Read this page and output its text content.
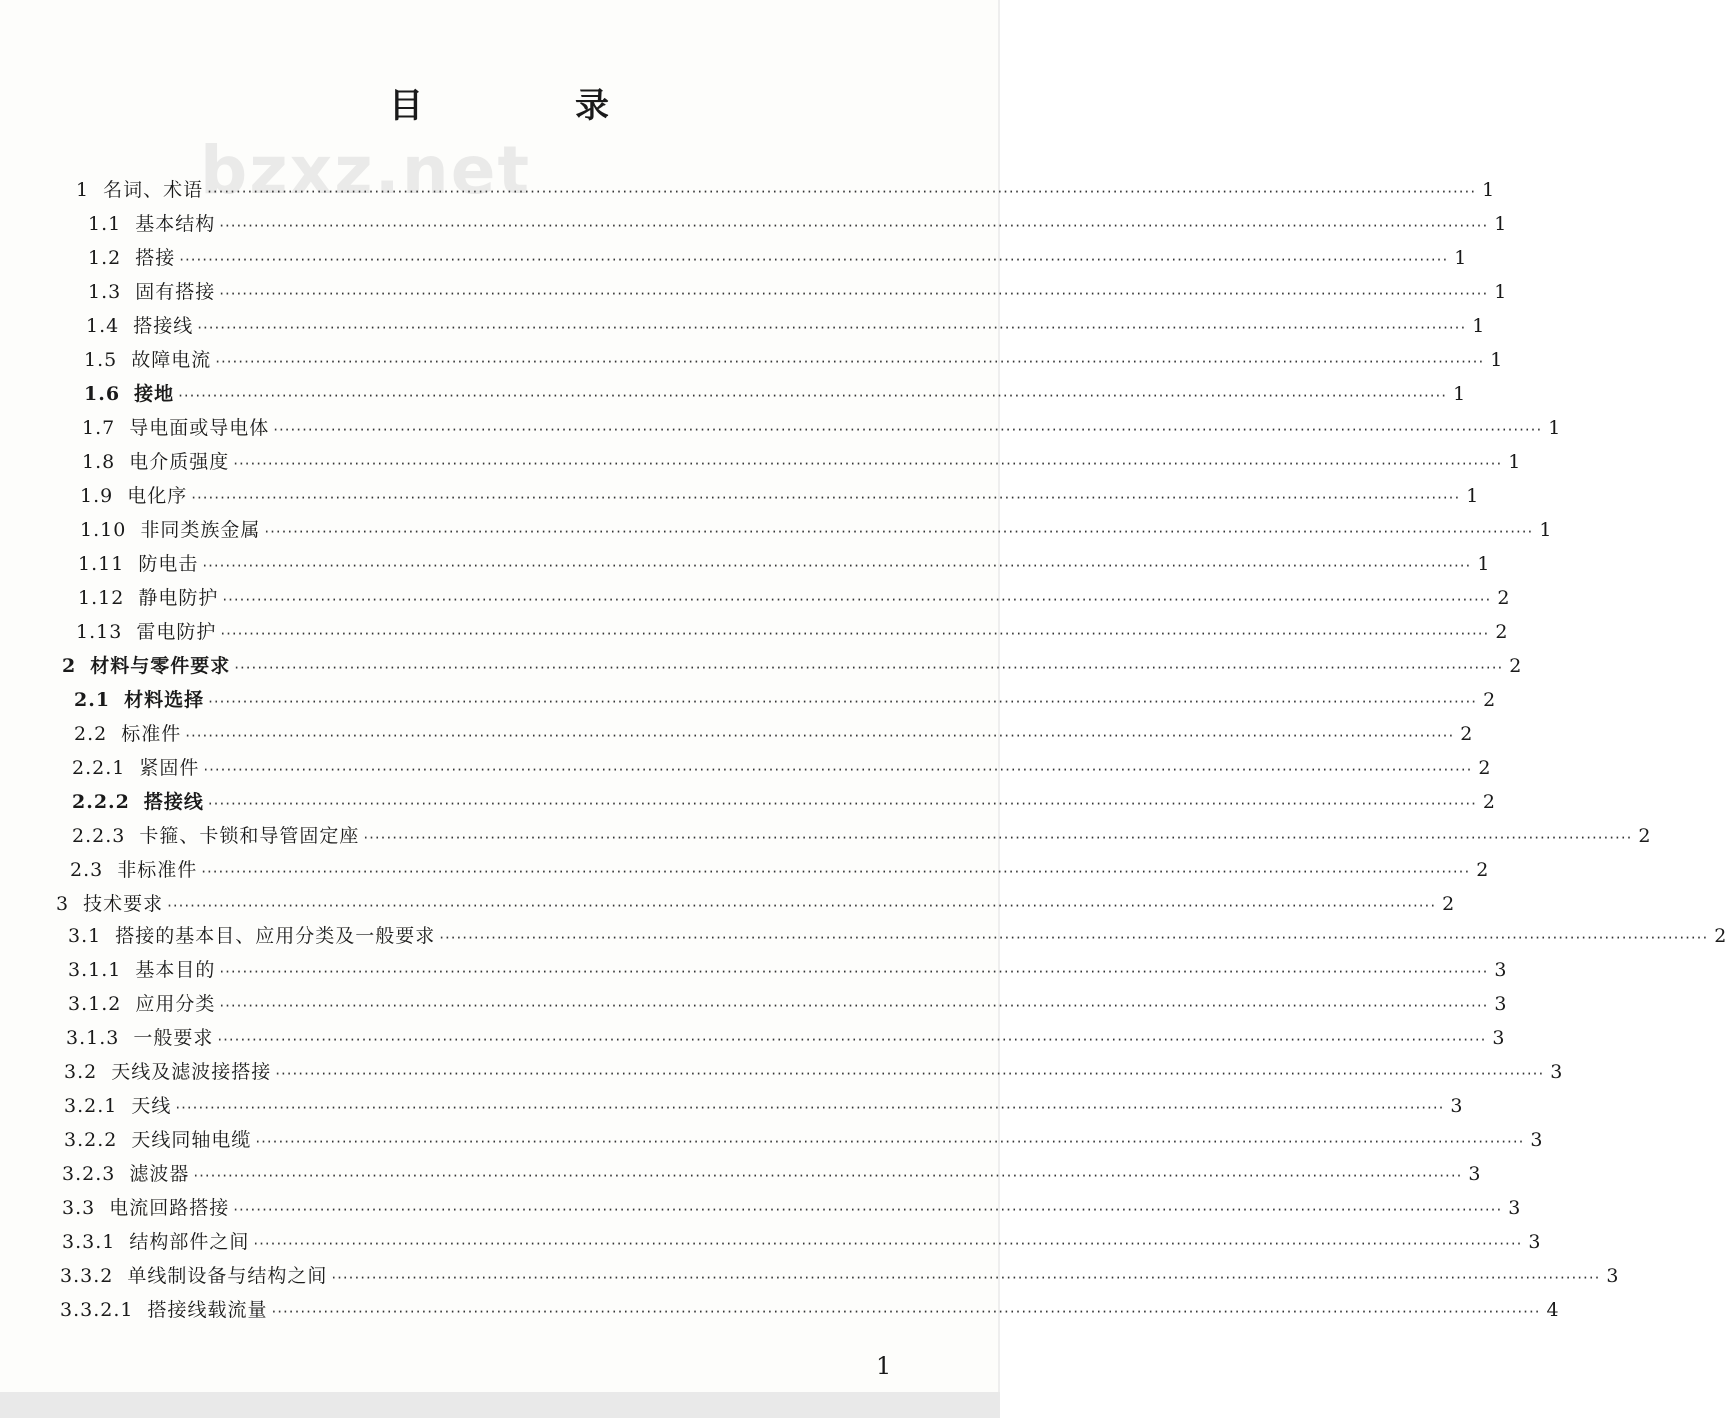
目	录
bzxz.net
1 名词、术语 ···························································································································································································································· 1
1.1 基本结构 ···························································································································································································································· 1
1.2 搭接 ···························································································································································································································· 1
1.3 固有搭接 ···························································································································································································································· 1
1.4 搭接线 ···························································································································································································································· 1
1.5 故障电流 ···························································································································································································································· 1
1.6 接地 ···························································································································································································································· 1
1.7 导电面或导电体 ···························································································································································································································· 1
1.8 电介质强度 ···························································································································································································································· 1
1.9 电化序 ···························································································································································································································· 1
1.10 非同类族金属 ···························································································································································································································· 1
1.11 防电击 ···························································································································································································································· 1
1.12 静电防护 ···························································································································································································································· 2
1.13 雷电防护 ···························································································································································································································· 2
2 材料与零件要求 ···························································································································································································································· 2
2.1 材料选择 ···························································································································································································································· 2
2.2 标准件 ···························································································································································································································· 2
2.2.1 紧固件 ···························································································································································································································· 2
2.2.2 搭接线 ···························································································································································································································· 2
2.2.3 卡箍、卡锁和导管固定座 ···························································································································································································································· 2
2.3 非标准件 ···························································································································································································································· 2
3 技术要求 ···························································································································································································································· 2
3.1 搭接的基本目、应用分类及一般要求 ···························································································································································································································· 2
3.1.1 基本目的 ···························································································································································································································· 3
3.1.2 应用分类 ···························································································································································································································· 3
3.1.3 一般要求 ···························································································································································································································· 3
3.2 天线及滤波接搭接 ···························································································································································································································· 3
3.2.1 天线 ···························································································································································································································· 3
3.2.2 天线同轴电缆 ···························································································································································································································· 3
3.2.3 滤波器 ···························································································································································································································· 3
3.3 电流回路搭接 ···························································································································································································································· 3
3.3.1 结构部件之间 ···························································································································································································································· 3
3.3.2 单线制设备与结构之间 ···························································································································································································································· 3
3.3.2.1 搭接线载流量 ···························································································································································································································· 4
1
